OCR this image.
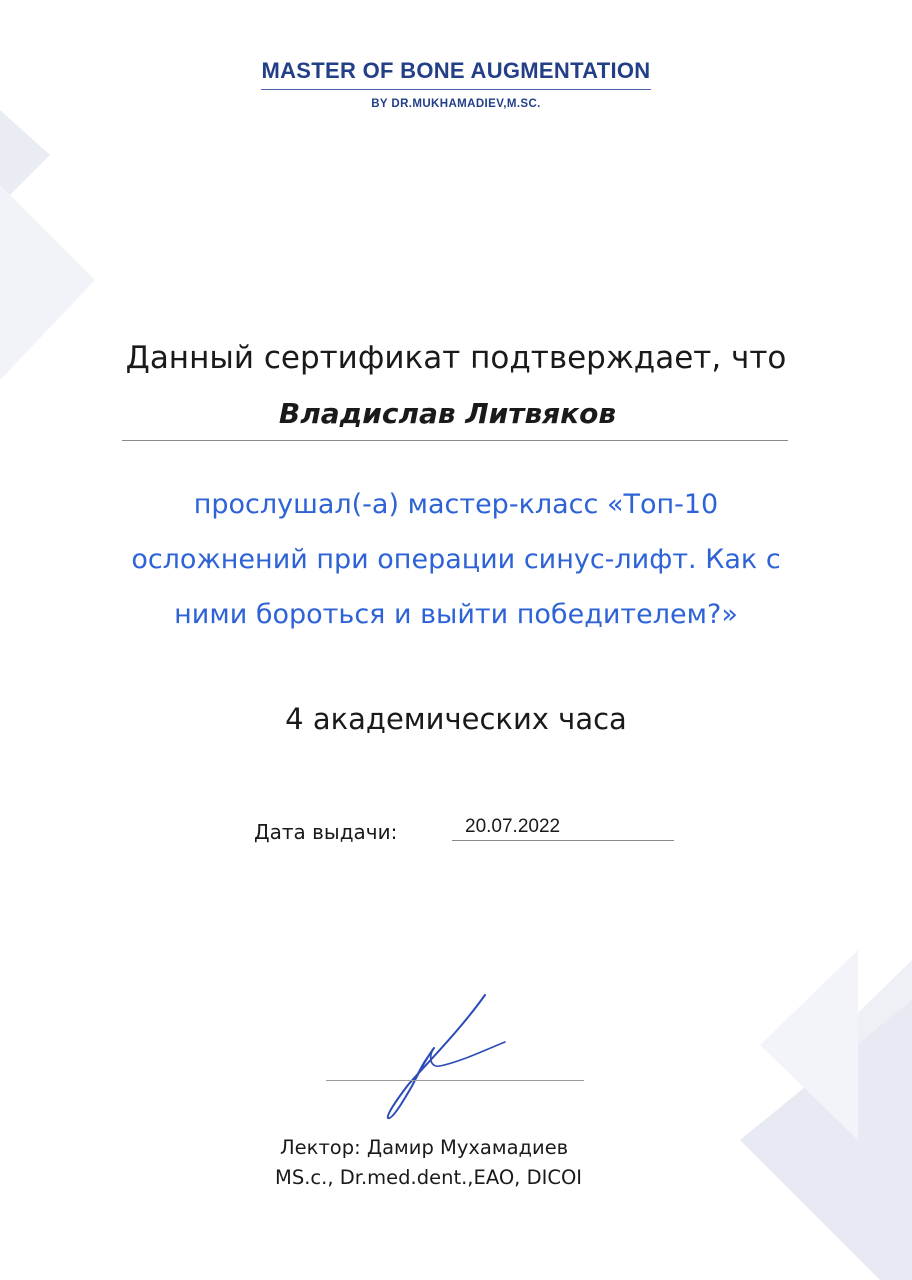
MASTER OF BONE AUGMENTATION
BY DR.MUKHAMADIEV,M.SC.
Данный сертификат подтверждает, что
Владислав Литвяков
прослушал(-а) мастер-класс «Топ-10
осложнений при операции синус-лифт. Как с
ними бороться и выйти победителем?»
4 академических часа
Дата выдачи:	20.07.2022
Лектор: Дамир Мухамадиев
MS.c., Dr.med.dent.,EAO, DICOI
